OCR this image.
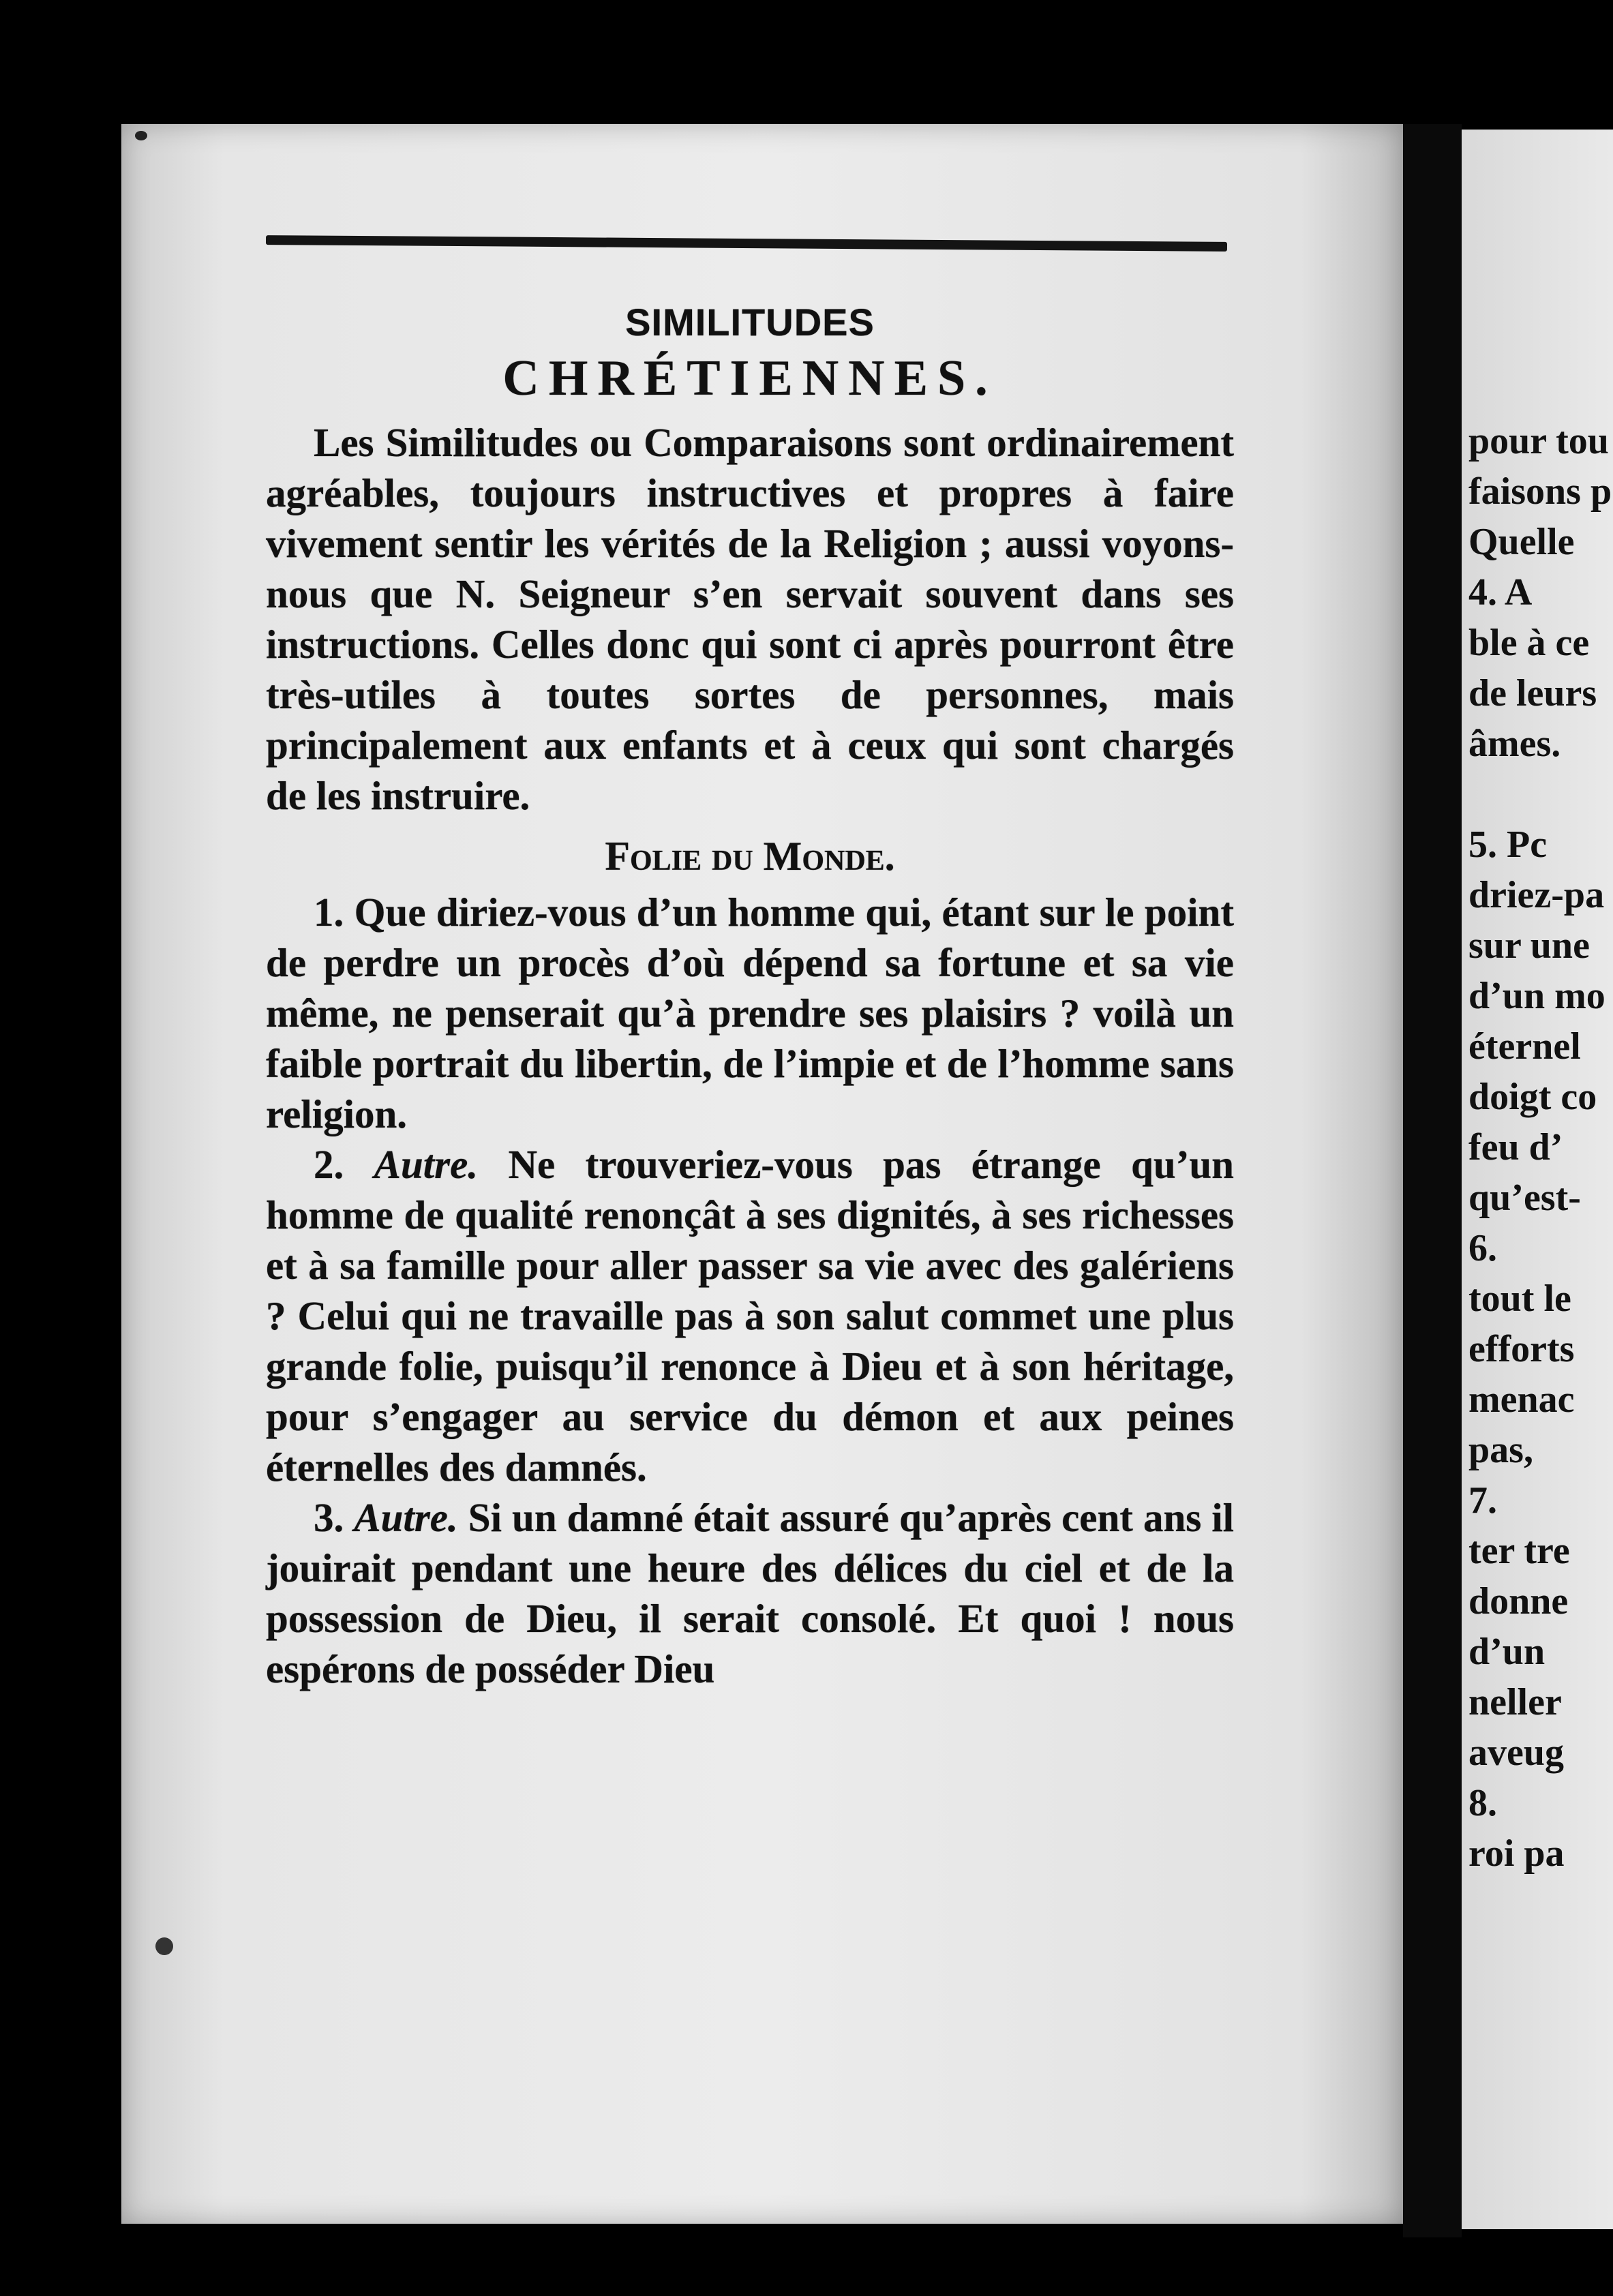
pour tou
faisons p
Quelle
4. A
ble à ce
de leurs
âmes.

5. Pc
driez-pa
sur une
d’un mo
éternel
doigt co
feu d’
qu’est-
6.
tout le
efforts
menac
pas,
7.
ter tre
donne
d’un
neller
aveug
8.
roi pa
SIMILITUDES
CHRÉTIENNES.

Les Similitudes ou Comparaisons sont ordinairement agréables, toujours instructives et propres à faire vivement sentir les vérités de la Religion ; aussi voyons-nous que N. Seigneur s’en servait souvent dans ses instructions. Celles donc qui sont ci après pourront être très-utiles à toutes sortes de personnes, mais principalement aux enfants et à ceux qui sont chargés de les instruire.

Folie du Monde.

1. Que diriez-vous d’un homme qui, étant sur le point de perdre un procès d’où dépend sa fortune et sa vie même, ne penserait qu’à prendre ses plaisirs ? voilà un faible portrait du libertin, de l’impie et de l’homme sans religion.

2. Autre. Ne trouveriez-vous pas étrange qu’un homme de qualité renonçât à ses dignités, à ses richesses et à sa famille pour aller passer sa vie avec des galériens ? Celui qui ne travaille pas à son salut commet une plus grande folie, puisqu’il renonce à Dieu et à son héritage, pour s’engager au service du démon et aux peines éternelles des damnés.

3. Autre. Si un damné était assuré qu’après cent ans il jouirait pendant une heure des délices du ciel et de la possession de Dieu, il serait consolé. Et quoi ! nous espérons de posséder Dieu
